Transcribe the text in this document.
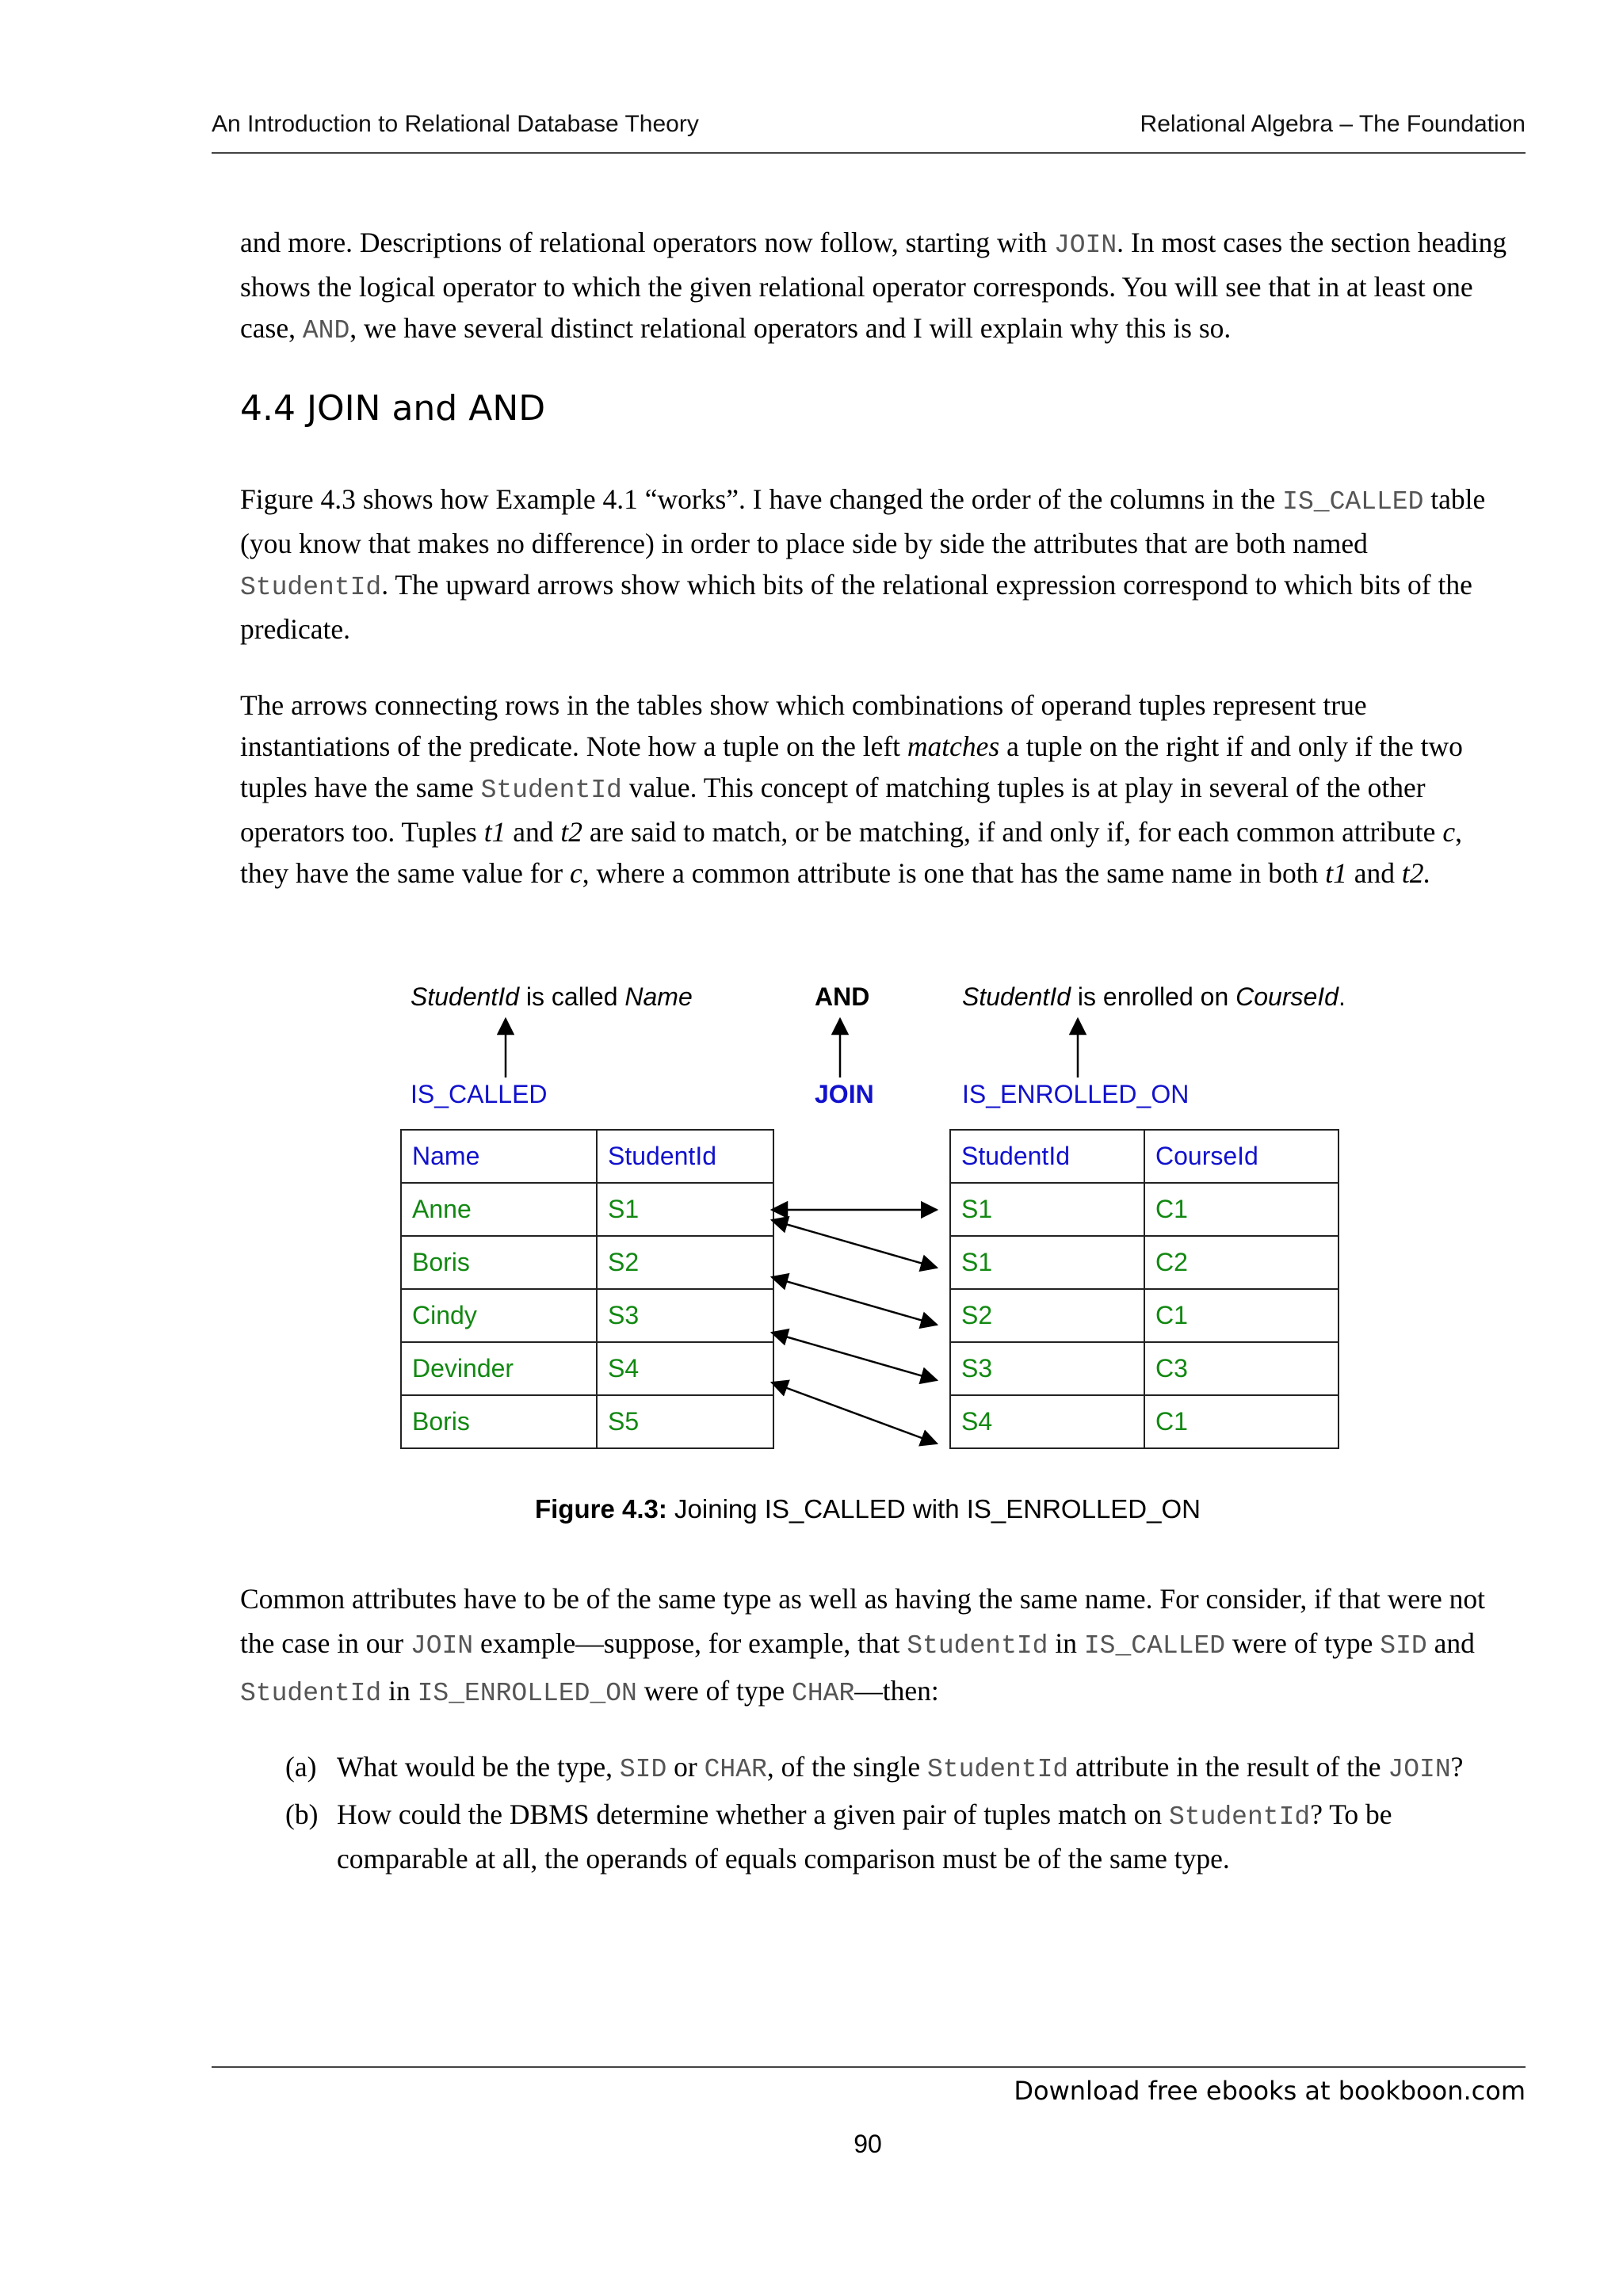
An Introduction to Relational Database Theory	Relational Algebra – The Foundation

and more. Descriptions of relational operators now follow, starting with JOIN. In most cases the section heading shows the logical operator to which the given relational operator corresponds. You will see that in at least one case, AND, we have several distinct relational operators and I will explain why this is so.

4.4 JOIN and AND

Figure 4.3 shows how Example 4.1 “works”. I have changed the order of the columns in the IS_CALLED table (you know that makes no difference) in order to place side by side the attributes that are both named StudentId. The upward arrows show which bits of the relational expression correspond to which bits of the predicate.

The arrows connecting rows in the tables show which combinations of operand tuples represent true instantiations of the predicate. Note how a tuple on the left matches a tuple on the right if and only if the two tuples have the same StudentId value. This concept of matching tuples is at play in several of the other operators too. Tuples t1 and t2 are said to match, or be matching, if and only if, for each common attribute c, they have the same value for c, where a common attribute is one that has the same name in both t1 and t2.

StudentId is called Name	AND	StudentId is enrolled on CourseId.
IS_CALLED	JOIN	IS_ENROLLED_ON
Name	StudentId
Anne	S1
Boris	S2
Cindy	S3
Devinder	S4
Boris	S5
StudentId	CourseId
S1	C1
S1	C2
S2	C1
S3	C3
S4	C1
Figure 4.3: Joining IS_CALLED with IS_ENROLLED_ON

Common attributes have to be of the same type as well as having the same name. For consider, if that were not the case in our JOIN example—suppose, for example, that StudentId in IS_CALLED were of type SID and StudentId in IS_ENROLLED_ON were of type CHAR—then:

(a) What would be the type, SID or CHAR, of the single StudentId attribute in the result of the JOIN?
(b) How could the DBMS determine whether a given pair of tuples match on StudentId? To be comparable at all, the operands of equals comparison must be of the same type.
Download free ebooks at bookboon.com
90
